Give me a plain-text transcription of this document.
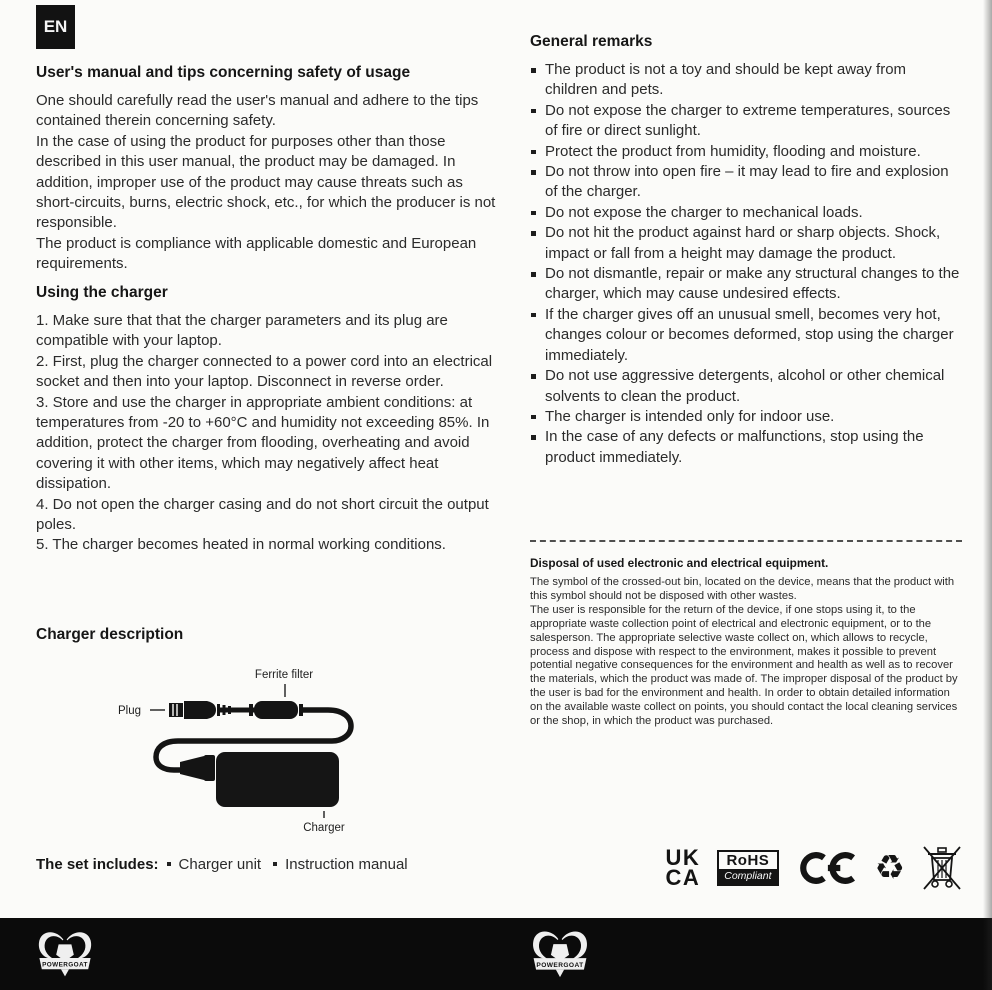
EN
User's manual and tips concerning safety of usage

One should carefully read the user's manual and adhere to the tips contained therein concerning safety.
In the case of using the product for purposes other than those described in this user manual, the product may be damaged. In addition, improper use of the product may cause threats such as short-circuits, burns, electric shock, etc., for which the producer is not responsible.
The product is compliance with applicable domestic and European requirements.

Using the charger
1. Make sure that that the charger parameters and its plug are compatible with your laptop.
2. First, plug the charger connected to a power cord into an electrical socket and then into your laptop. Disconnect in reverse order.
3. Store and use the charger in appropriate ambient conditions: at temperatures from -20 to +60°C and humidity not exceeding 85%. In addition, protect the charger from flooding, overheating and avoid covering it with other items, which may negatively affect heat dissipation.
4. Do not open the charger casing and do not short circuit the output poles.
5. The charger becomes heated in normal working conditions.
Charger description
Ferrite filter
Plug
Charger
The set includes: Charger unit Instruction manual
General remarks
The product is not a toy and should be kept away from children and pets.
Do not expose the charger to extreme temperatures, sources of fire or direct sunlight.
Protect the product from humidity, flooding and moisture.
Do not throw into open fire – it may lead to fire and explosion of the charger.
Do not expose the charger to mechanical loads.
Do not hit the product against hard or sharp objects. Shock, impact or fall from a height may damage the product.
Do not dismantle, repair or make any structural changes to the charger, which may cause undesired effects.
If the charger gives off an unusual smell, becomes very hot, changes colour or becomes deformed, stop using the charger immediately.
Do not use aggressive detergents, alcohol or other chemical solvents to clean the product.
The charger is intended only for indoor use.
In the case of any defects or malfunctions, stop using the product immediately.
Disposal of used electronic and electrical equipment.

The symbol of the crossed-out bin, located on the device, means that the product with this symbol should not be disposed with other wastes.
The user is responsible for the return of the device, if one stops using it, to the appropriate waste collection point of electrical and electronic equipment, or to the salesperson. The appropriate selective waste collect on, which allows to recycle, process and dispose with respect to the environment, makes it possible to prevent potential negative consequences for the environment and health as well as to recover the materials, which the product was made of. The improper disposal of the product by the user is bad for the environment and health. In order to obtain detailed information on the available waste collect on points, you should contact the local cleaning services or the shop, in which the product was purchased.

UK
CA
RoHS
Compliant	♻
POWERGOAT
